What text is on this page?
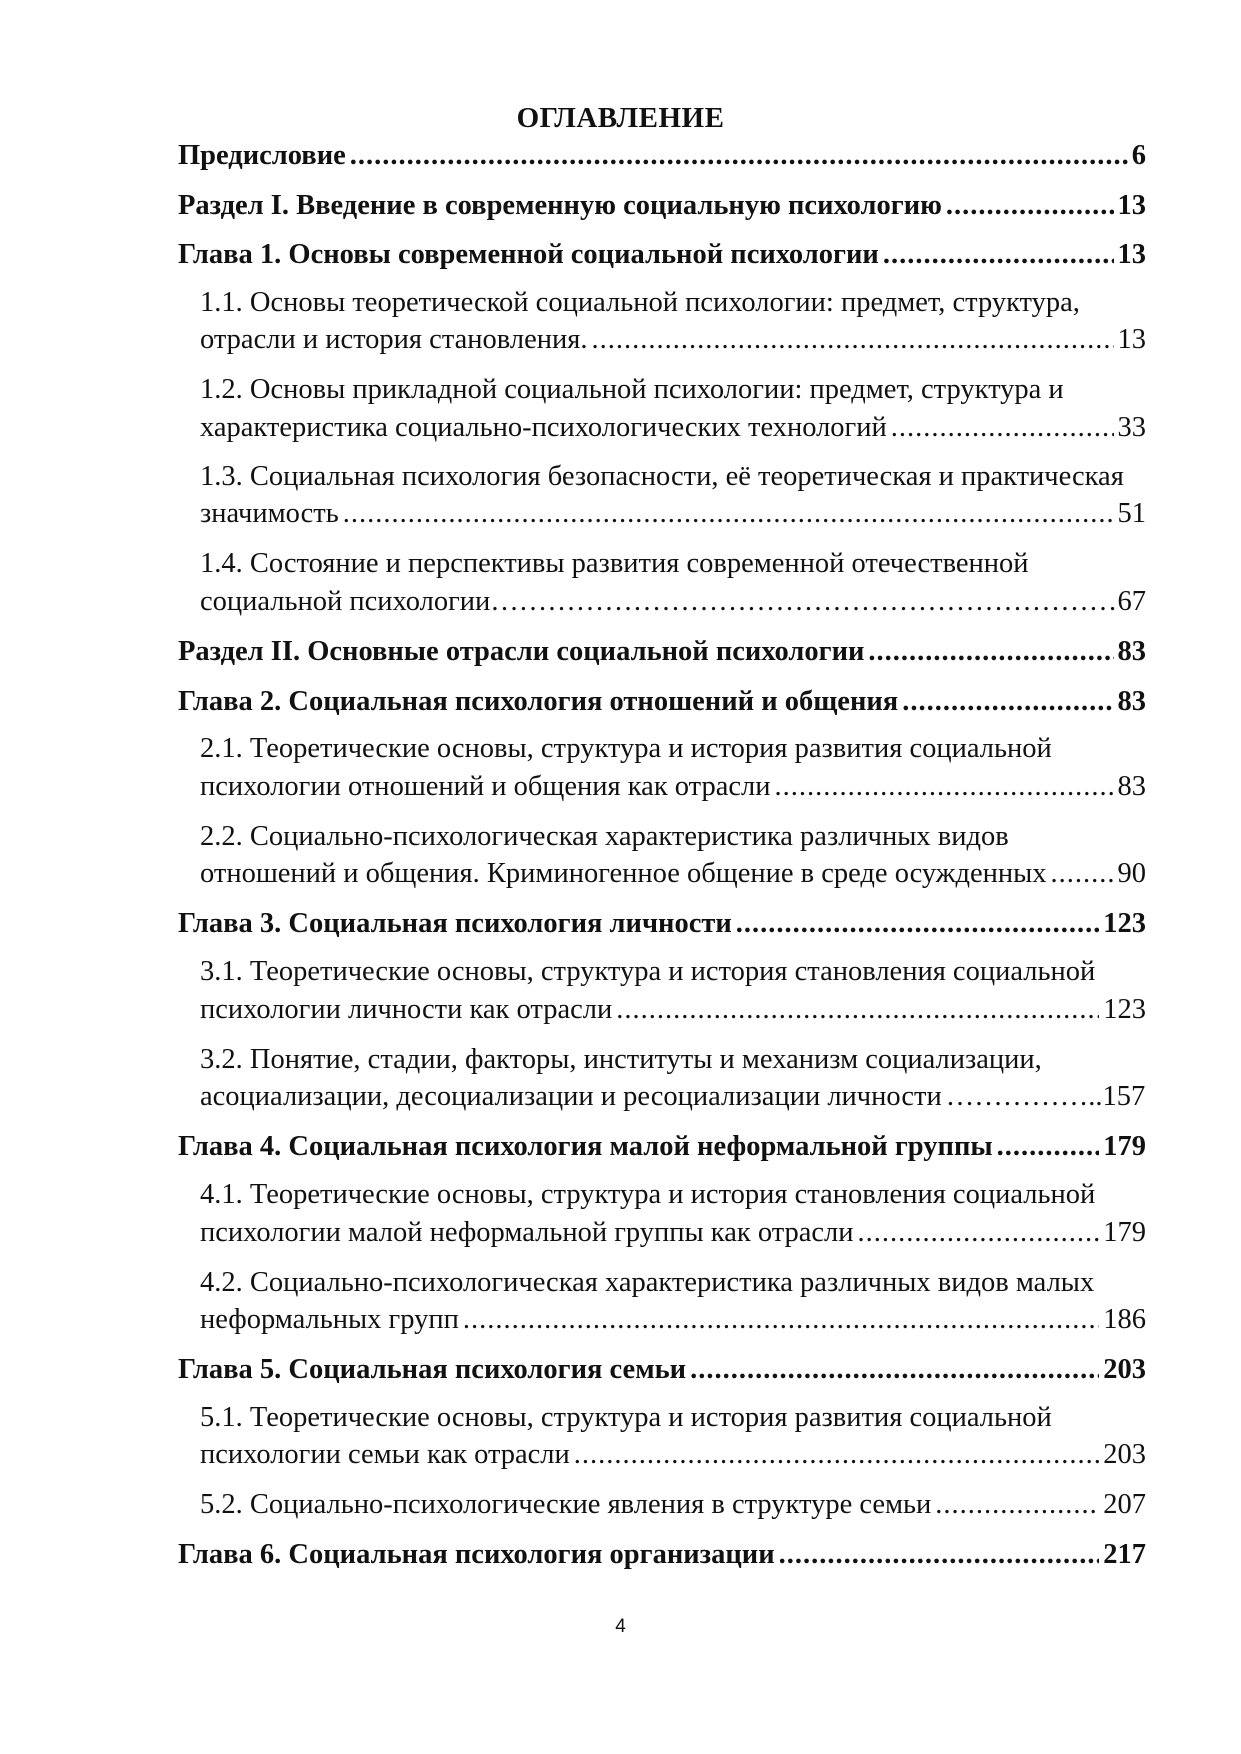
ОГЛАВЛЕНИЕ
Предисловие .....	6
Раздел I. Введение в современную социальную психологию .....	13
Глава 1. Основы современной социальной психологии .....	13
1.1. Основы теоретической социальной психологии: предмет, структура,
отрасли и история становления. .....	13
1.2. Основы прикладной социальной психологии: предмет, структура и
характеристика социально-психологических технологий .....	33
1.3. Социальная психология безопасности, её теоретическая и практическая
значимость .....	51
1.4. Состояние и перспективы развития современной отечественной
социальной психологии …………………………………………………………………………………………………………………………………………………………………	67
Раздел II. Основные отрасли социальной психологии .....	83
Глава 2. Социальная психология отношений и общения .....	83
2.1. Теоретические основы, структура и история развития социальной
психологии отношений и общения как отрасли .....	83
2.2. Социально-психологическая характеристика различных видов
отношений и общения. Криминогенное общение в среде осужденных ..... 90
Глава 3. Социальная психология личности .....	123
3.1. Теоретические основы, структура и история становления социальной
психологии личности как отрасли .....	123
3.2. Понятие, стадии, факторы, институты и механизм социализации,
асоциализации, десоциализации и ресоциализации личности ……………..	157
Глава 4. Социальная психология малой неформальной группы .....	179
4.1. Теоретические основы, структура и история становления социальной
психологии малой неформальной группы как отрасли .....	179
4.2. Социально-психологическая характеристика различных видов малых
неформальных групп .....	186
Глава 5. Социальная психология семьи .....	203
5.1. Теоретические основы, структура и история развития социальной
психологии семьи как отрасли .....	203
5.2. Социально-психологические явления в структуре семьи .....	207
Глава 6. Социальная психология организации .....	217
4
